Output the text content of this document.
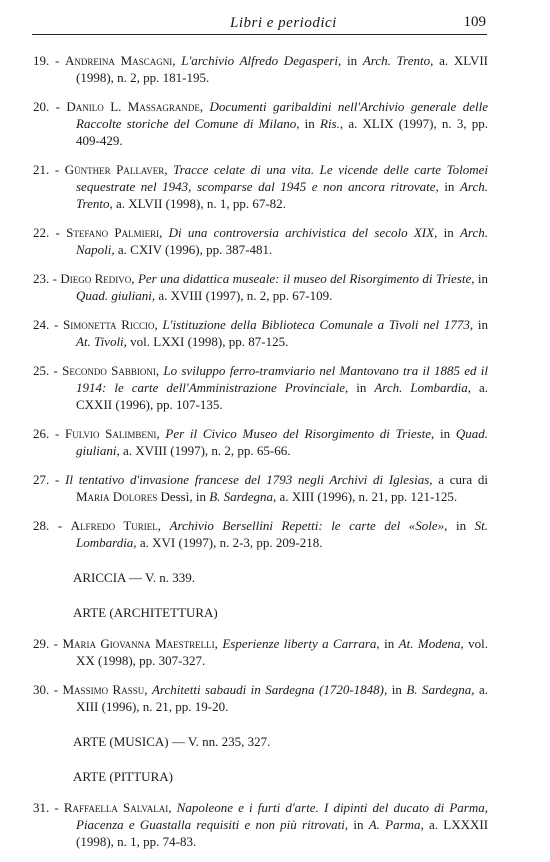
Libri e periodici	109
19. - Andreina Mascagni, L'archivio Alfredo Degasperi, in Arch. Trento, a. XLVII (1998), n. 2, pp. 181-195.
20. - Danilo L. Massagrande, Documenti garibaldini nell'Archivio generale delle Raccolte storiche del Comune di Milano, in Ris., a. XLIX (1997), n. 3, pp. 409-429.
21. - Günther Pallaver, Tracce celate di una vita. Le vicende delle carte Tolomei sequestrate nel 1943, scomparse dal 1945 e non ancora ritrovate, in Arch. Trento, a. XLVII (1998), n. 1, pp. 67-82.
22. - Stefano Palmieri, Di una controversia archivistica del secolo XIX, in Arch. Napoli, a. CXIV (1996), pp. 387-481.
23. - Diego Redivo, Per una didattica museale: il museo del Risorgimento di Trieste, in Quad. giuliani, a. XVIII (1997), n. 2, pp. 67-109.
24. - Simonetta Riccio, L'istituzione della Biblioteca Comunale a Tivoli nel 1773, in At. Tivoli, vol. LXXI (1998), pp. 87-125.
25. - Secondo Sabbioni, Lo sviluppo ferro-tramviario nel Mantovano tra il 1885 ed il 1914: le carte dell'Amministrazione Provinciale, in Arch. Lombardia, a. CXXII (1996), pp. 107-135.
26. - Fulvio Salimbeni, Per il Civico Museo del Risorgimento di Trieste, in Quad. giuliani, a. XVIII (1997), n. 2, pp. 65-66.
27. - Il tentativo d'invasione francese del 1793 negli Archivi di Iglesias, a cura di Maria Dolores Dessì, in B. Sardegna, a. XIII (1996), n. 21, pp. 121-125.
28. - Alfredo Turiel, Archivio Bersellini Repetti: le carte del «Sole», in St. Lombardia, a. XVI (1997), n. 2-3, pp. 209-218.
ARICCIA — V. n. 339.
ARTE (ARCHITETTURA)
29. - Maria Giovanna Maestrelli, Esperienze liberty a Carrara, in At. Modena, vol. XX (1998), pp. 307-327.
30. - Massimo Rassu, Architetti sabaudi in Sardegna (1720-1848), in B. Sardegna, a. XIII (1996), n. 21, pp. 19-20.
ARTE (MUSICA) — V. nn. 235, 327.
ARTE (PITTURA)
31. - Raffaella Salvalai, Napoleone e i furti d'arte. I dipinti del ducato di Parma, Piacenza e Guastalla requisiti e non più ritrovati, in A. Parma, a. LXXXII (1998), n. 1, pp. 74-83.
